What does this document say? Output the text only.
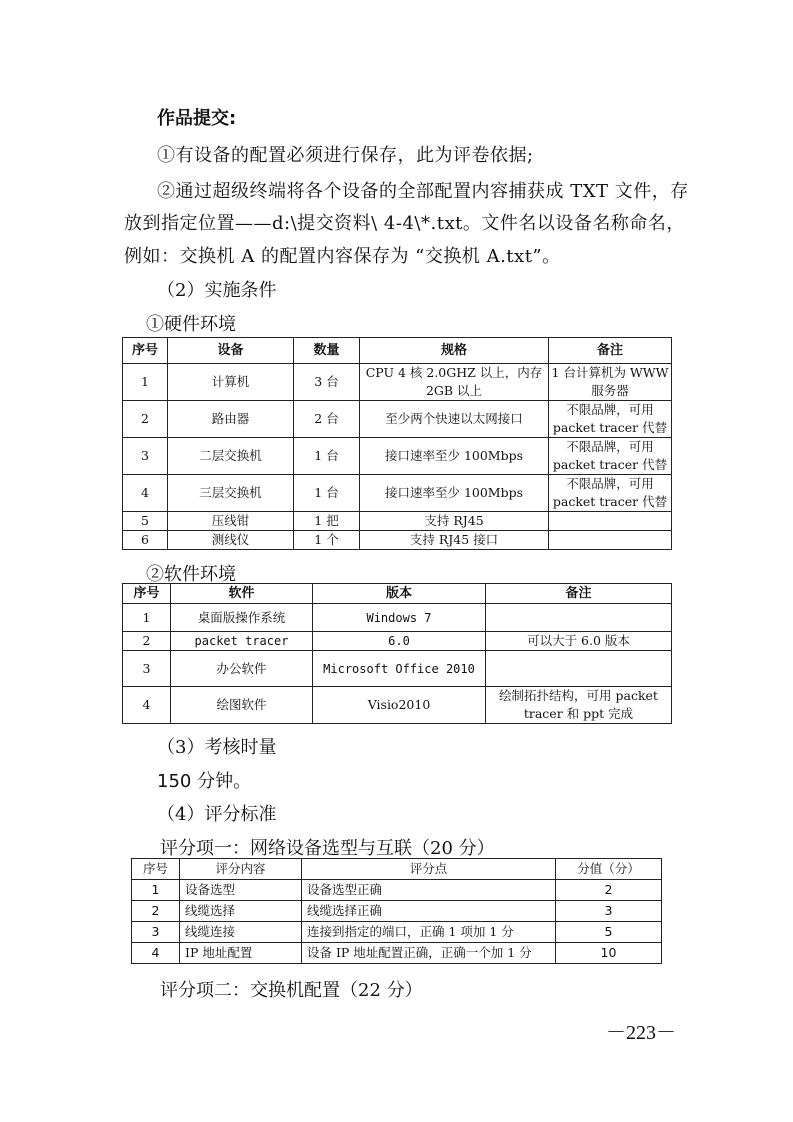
作品提交:
①有设备的配置必须进行保存，此为评卷依据;
②通过超级终端将各个设备的全部配置内容捕获成 TXT 文件，存
放到指定位置——d:\提交资料\ 4-4\*.txt。文件名以设备名称命名，
例如：交换机 A 的配置内容保存为 “交换机 A.txt”。
（2）实施条件
①硬件环境
序号	设备	数量	规格	备注
1	计算机	3 台	CPU 4 核 2.0GHZ 以上，内存 2GB 以上	1 台计算机为 WWW 服务器
2	路由器	2 台	至少两个快速以太网接口	不限品牌，可用 packet tracer 代替
3	二层交换机	1 台	接口速率至少 100Mbps	不限品牌，可用 packet tracer 代替
4	三层交换机	1 台	接口速率至少 100Mbps	不限品牌，可用 packet tracer 代替
5	压线钳	1 把	支持 RJ45	
6	测线仪	1 个	支持 RJ45 接口	
②软件环境
序号	软件	版本	备注
1	桌面版操作系统	Windows 7	
2	packet tracer	6.0	可以大于 6.0 版本
3	办公软件	Microsoft Office 2010	
4	绘图软件	Visio2010	绘制拓扑结构，可用 packet tracer 和 ppt 完成
（3）考核时量
150 分钟。
（4）评分标准
评分项一：网络设备选型与互联（20 分）
序号	评分内容	评分点	分值（分）
1	设备选型	设备选型正确	2
2	线缆选择	线缆选择正确	3
3	线缆连接	连接到指定的端口，正确 1 项加 1 分	5
4	IP 地址配置	设备 IP 地址配置正确，正确一个加 1 分	10
评分项二：交换机配置（22 分）
－223－
